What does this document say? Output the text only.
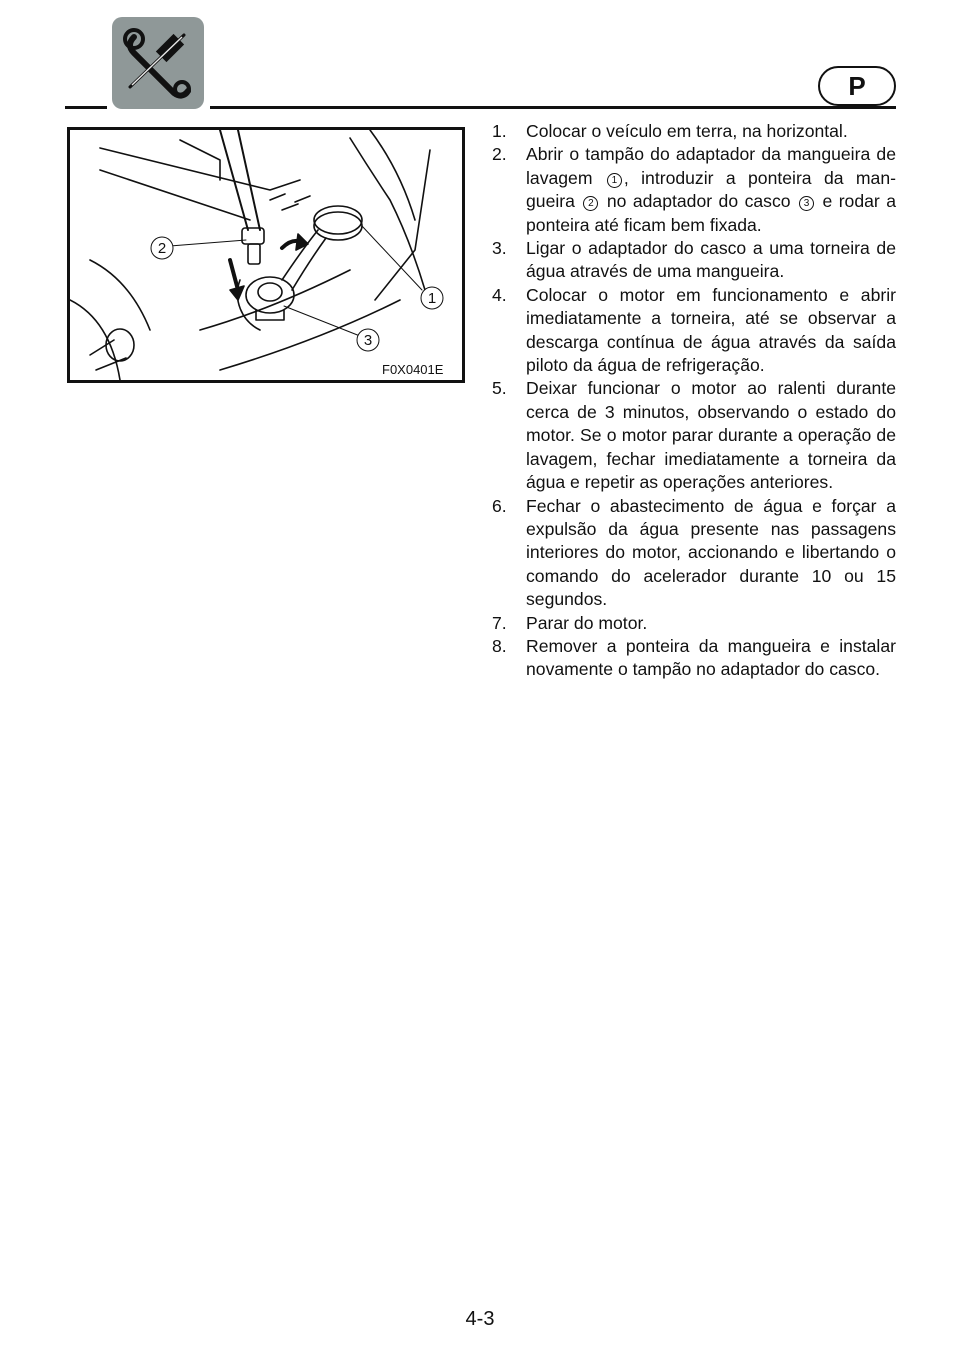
P
1
2
3
F0X0401E
1. Colocar o veículo em terra, na horizontal.
2. Abrir o tampão do adaptador da mangueira de lavagem 1 , introduzir a ponteira da man-gueira 2 no adaptador do casco 3 e rodar a ponteira até ficam bem fixada.
3. Ligar o adaptador do casco a uma torneira de água através de uma mangueira.
4. Colocar o motor em funcionamento e abrir imediatamente a torneira, até se observar a descarga contínua de água através da saída piloto da água de refrigeração.
5. Deixar funcionar o motor ao ralenti durante cerca de 3 minutos, observando o estado do motor. Se o motor parar durante a operação de lavagem, fechar imediatamente a torneira da água e repetir as operações anteriores.
6. Fechar o abastecimento de água e forçar a expulsão da água presente nas passagens interiores do motor, accionando e libertando o comando do acelerador durante 10 ou 15 segundos.
7. Parar do motor.
8. Remover a ponteira da mangueira e instalar novamente o tampão no adaptador do casco.
4-3
